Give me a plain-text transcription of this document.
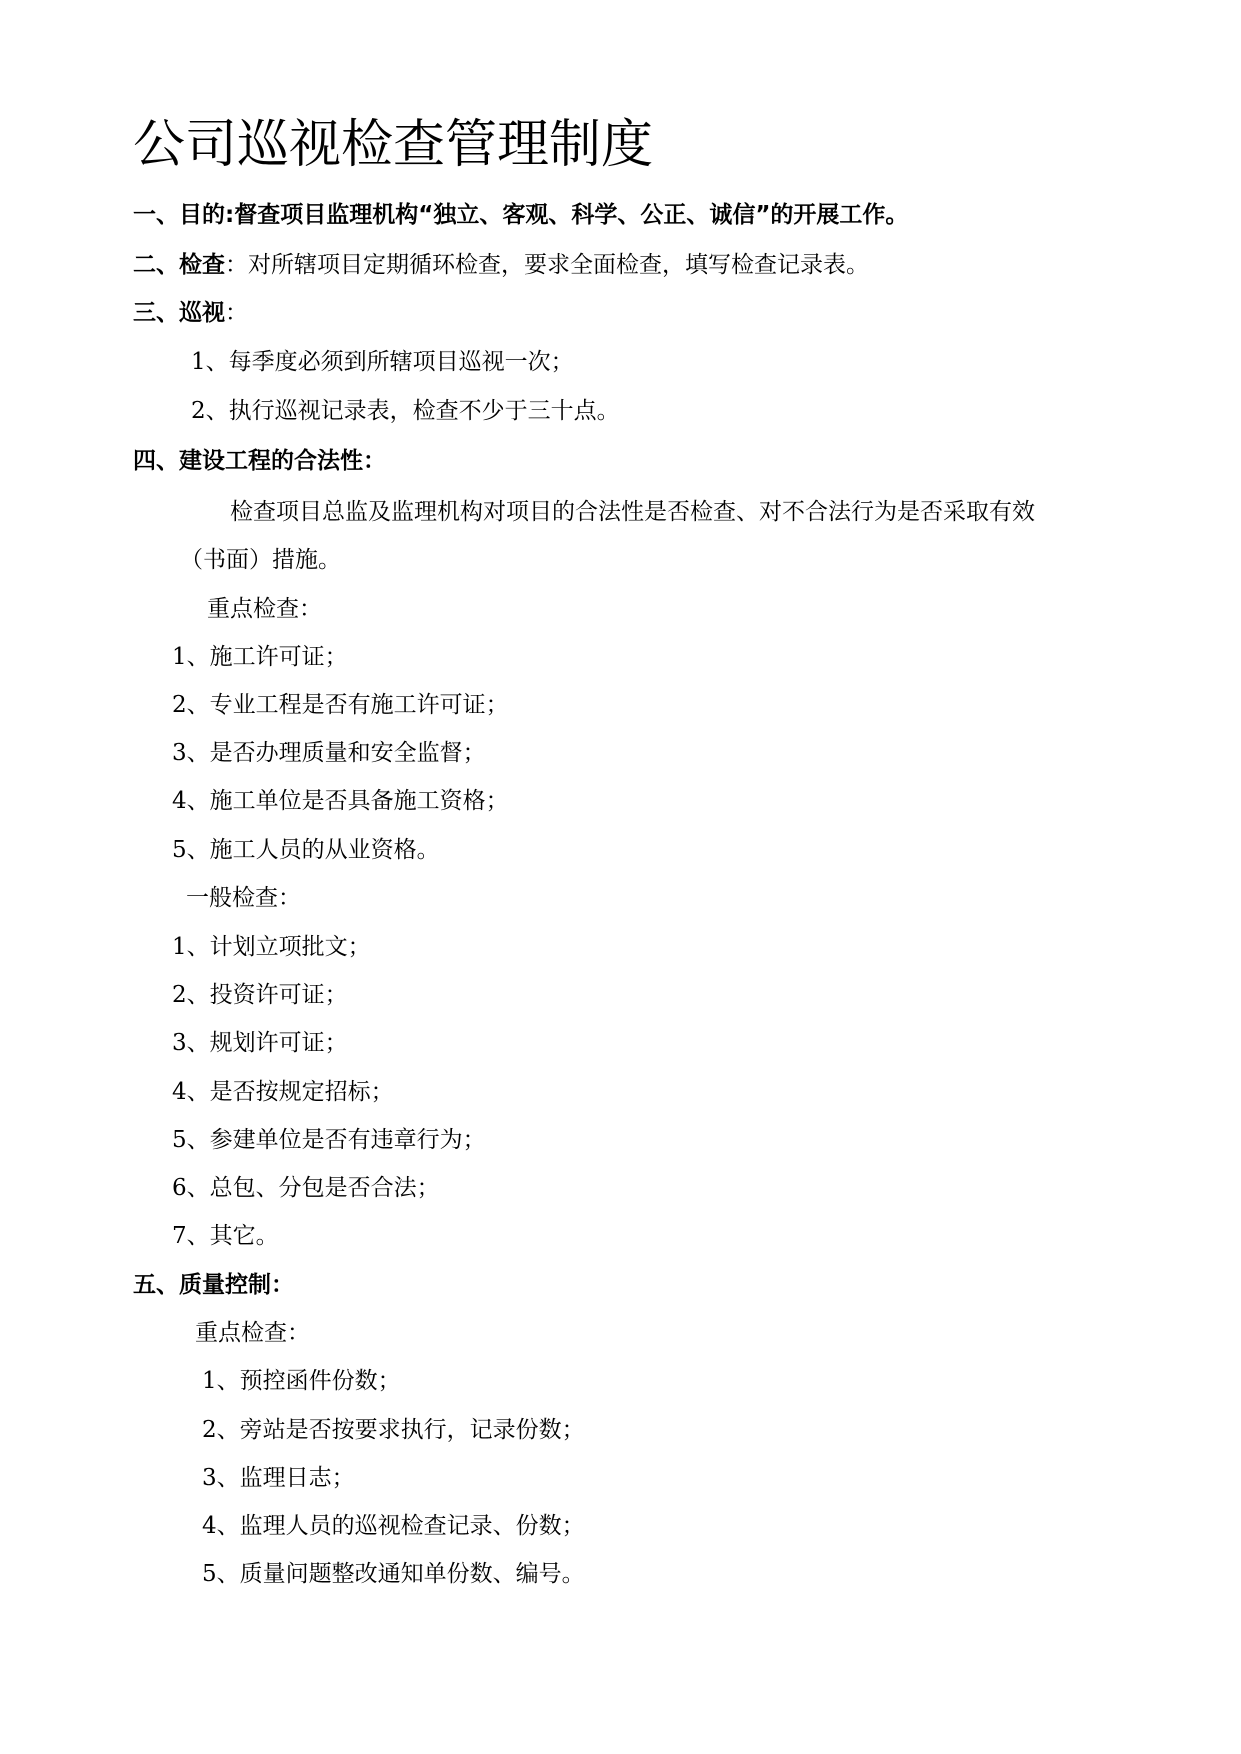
公司巡视检查管理制度
一、目的:督查项目监理机构“独立、客观、科学、公正、诚信”的开展工作。
二、检查：对所辖项目定期循环检查，要求全面检查，填写检查记录表。
三、巡视：
1、每季度必须到所辖项目巡视一次；
2、执行巡视记录表，检查不少于三十点。
四、建设工程的合法性：
检查项目总监及监理机构对项目的合法性是否检查、对不合法行为是否采取有效
（书面）措施。
重点检查：
1、施工许可证；
2、专业工程是否有施工许可证；
3、是否办理质量和安全监督；
4、施工单位是否具备施工资格；
5、施工人员的从业资格。
一般检查：
1、计划立项批文；
2、投资许可证；
3、规划许可证；
4、是否按规定招标；
5、参建单位是否有违章行为；
6、总包、分包是否合法；
7、其它。
五、质量控制：
重点检查：
1、预控函件份数；
2、旁站是否按要求执行，记录份数；
3、监理日志；
4、监理人员的巡视检查记录、份数；
5、质量问题整改通知单份数、编号。
